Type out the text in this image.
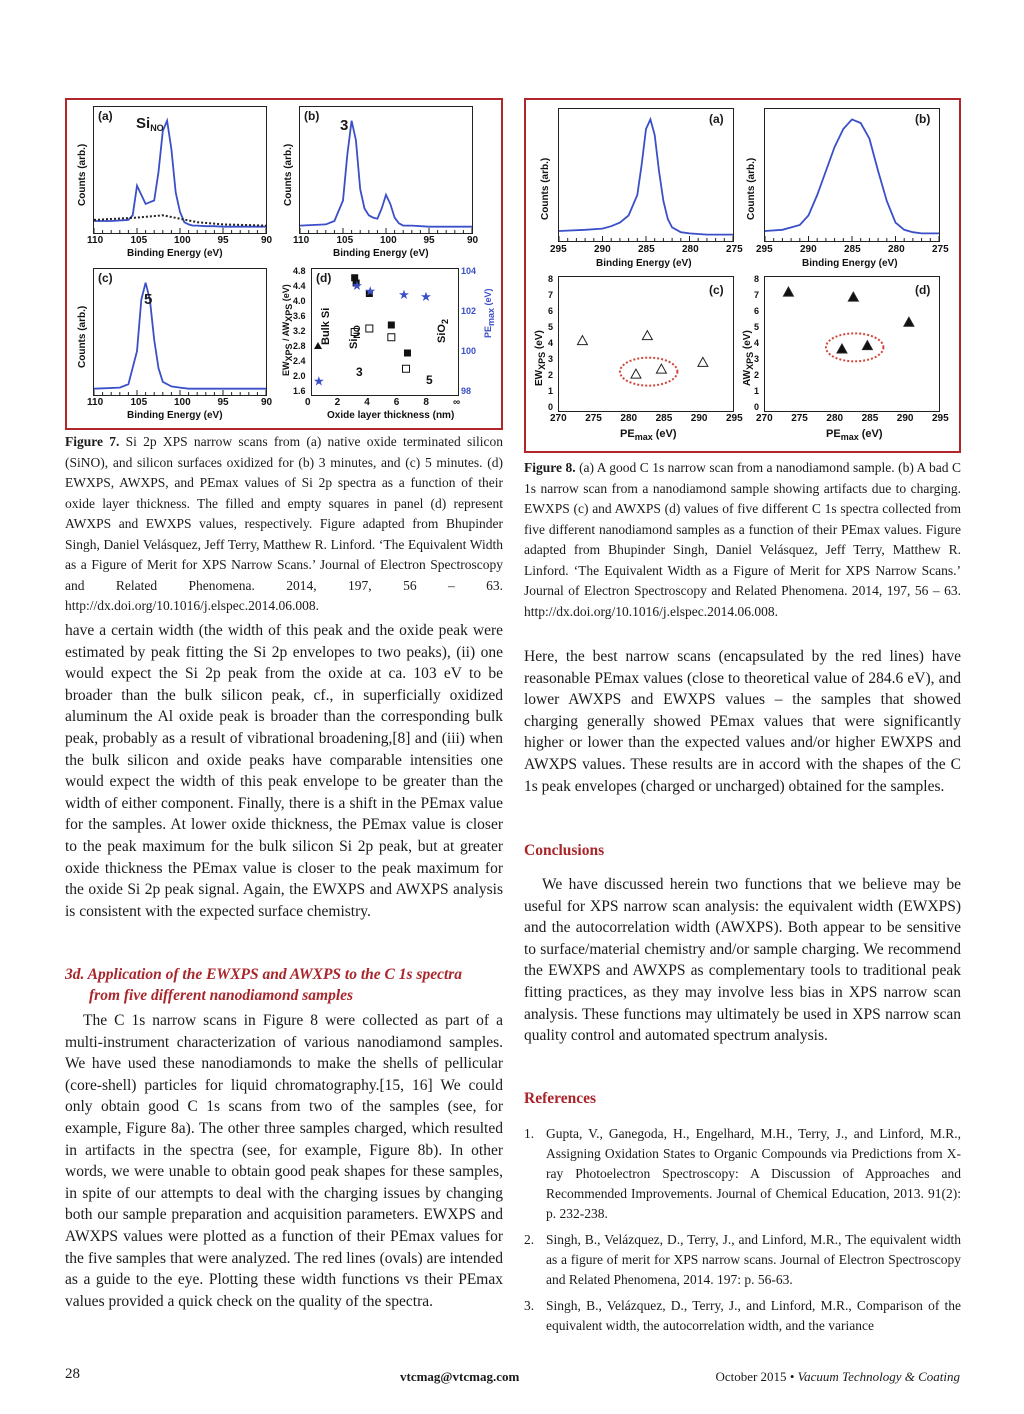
Counts (arb.)
(a) $Si_{NO}$
110	105	100	95	90
Binding Energy (eV)
Counts (arb.)
(b)
3
110	105	100	95	90
Binding Energy (eV)
Counts (arb.)
(c)
5
110	105	100	95	90
Binding Energy (eV)
$EW_{XPS} / AW_{XPS}$ (eV)
4.8
4.4
4.0
3.6
3.2
2.8
2.4
2.0
1.6
★
★ ★ ★ ★
(d)
Bulk Si $Si_{NO}$
3
5
SiO$_2$
104
102
100
98
$PE_{max}$ (eV)
0 2 4 6 8 ∞
Oxide layer thickness (nm)
Figure 7. Si 2p XPS narrow scans from (a) native oxide terminated silicon (SiNO), and silicon surfaces oxidized for (b) 3 minutes, and (c) 5 minutes. (d) EWXPS, AWXPS, and PEmax values of Si 2p spectra as a function of their oxide layer thickness. The filled and empty squares in panel (d) represent AWXPS and EWXPS values, respectively. Figure adapted from Bhupinder Singh, Daniel Velásquez, Jeff Terry, Matthew R. Linford. ‘The Equivalent Width as a Figure of Merit for XPS Narrow Scans.’ Journal of Electron Spectroscopy and Related Phenomena. 2014, 197, 56 – 63. http://dx.doi.org/10.1016/j.elspec.2014.06.008.
Counts (arb.)
(a)
295	290	285	280	275
Binding Energy (eV)
Counts (arb.)
(b)
295	290	285	280	275
Binding Energy (eV)
$EW_{XPS}$ (eV)
8
7
6
5
4
3
2
1
0
(c)
270 275 280 285 290 295
$PE_{max}$ (eV)
$AW_{XPS}$ (eV)
8
7
6
5
4
3
2
1
0
(d)
270 275 280 285 290 295
$PE_{max}$ (eV)
Figure 8. (a) A good C 1s narrow scan from a nanodiamond sample. (b) A bad C 1s narrow scan from a nanodiamond sample showing artifacts due to charging. EWXPS (c) and AWXPS (d) values of five different C 1s spectra collected from five different nanodiamond samples as a function of their PEmax values. Figure adapted from Bhupinder Singh, Daniel Velásquez, Jeff Terry, Matthew R. Linford. ‘The Equivalent Width as a Figure of Merit for XPS Narrow Scans.’ Journal of Electron Spectroscopy and Related Phenomena. 2014, 197, 56 – 63. http://dx.doi.org/10.1016/j.elspec.2014.06.008.

have a certain width (the width of this peak and the oxide peak were estimated by peak fitting the Si 2p envelopes to two peaks), (ii) one would expect the Si 2p peak from the oxide at ca. 103 eV to be broader than the bulk silicon peak, cf., in superficially oxidized aluminum the Al oxide peak is broader than the corresponding bulk peak, probably as a result of vibrational broadening,[8] and (iii) when the bulk silicon and oxide peaks have comparable intensities one would expect the width of this peak envelope to be greater than the width of either component. Finally, there is a shift in the PEmax value for the samples. At lower oxide thickness, the PEmax value is closer to the peak maximum for the bulk silicon Si 2p peak, but at greater oxide thickness the PEmax value is closer to the peak maximum for the oxide Si 2p peak signal. Again, the EWXPS and AWXPS analysis is consistent with the expected surface chemistry.

3d. Application of the EWXPS and AWXPS to the C 1s spectra
from five different nanodiamond samples

The C 1s narrow scans in Figure 8 were collected as part of a multi-instrument characterization of various nanodiamond samples. We have used these nanodiamonds to make the shells of pellicular (core-shell) particles for liquid chromatography.[15, 16] We could only obtain good C 1s scans from two of the samples (see, for example, Figure 8a). The other three samples charged, which resulted in artifacts in the spectra (see, for example, Figure 8b). In other words, we were unable to obtain good peak shapes for these samples, in spite of our attempts to deal with the charging issues by changing both our sample preparation and acquisition parameters. EWXPS and AWXPS values were plotted as a function of their PEmax values for the five samples that were analyzed. The red lines (ovals) are intended as a guide to the eye. Plotting these width functions vs their PEmax values provided a quick check on the quality of the spectra.

Here, the best narrow scans (encapsulated by the red lines) have reasonable PEmax values (close to theoretical value of 284.6 eV), and lower AWXPS and EWXPS values – the samples that showed charging generally showed PEmax values that were significantly higher or lower than the expected values and/or higher EWXPS and AWXPS values. These results are in accord with the shapes of the C 1s peak envelopes (charged or uncharged) obtained for the samples.

Conclusions

We have discussed herein two functions that we believe may be useful for XPS narrow scan analysis: the equivalent width (EWXPS) and the autocorrelation width (AWXPS). Both appear to be sensitive to surface/material chemistry and/or sample charging. We recommend the EWXPS and AWXPS as complementary tools to traditional peak fitting practices, as they may involve less bias in XPS narrow scan analysis. These functions may ultimately be used in XPS narrow scan quality control and automated spectrum analysis.

References
1. Gupta, V., Ganegoda, H., Engelhard, M.H., Terry, J., and Linford, M.R., Assigning Oxidation States to Organic Compounds via Predictions from X-ray Photoelectron Spectroscopy: A Discussion of Approaches and Recommended Improvements. Journal of Chemical Education, 2013. 91(2): p. 232-238.
2. Singh, B., Velázquez, D., Terry, J., and Linford, M.R., The equivalent width as a figure of merit for XPS narrow scans. Journal of Electron Spectroscopy and Related Phenomena, 2014. 197: p. 56-63.
3. Singh, B., Velázquez, D., Terry, J., and Linford, M.R., Comparison of the equivalent width, the autocorrelation width, and the variance
28	vtcmag@vtcmag.com	October 2015 • Vacuum Technology & Coating
